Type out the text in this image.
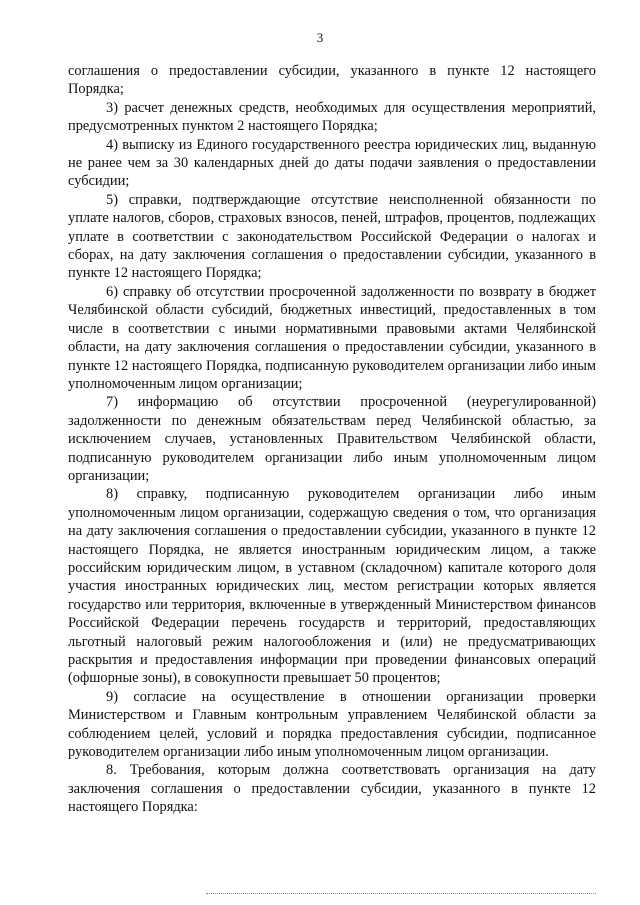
3

соглашения о предоставлении субсидии, указанного в пункте 12 настоящего Порядка;

3) расчет денежных средств, необходимых для осуществления мероприятий, предусмотренных пунктом 2 настоящего Порядка;

4) выписку из Единого государственного реестра юридических лиц, выданную не ранее чем за 30 календарных дней до даты подачи заявления о предоставлении субсидии;

5) справки, подтверждающие отсутствие неисполненной обязанности по уплате налогов, сборов, страховых взносов, пеней, штрафов, процентов, подлежащих уплате в соответствии с законодательством Российской Федерации о налогах и сборах, на дату заключения соглашения о предоставлении субсидии, указанного в пункте 12 настоящего Порядка;

6) справку об отсутствии просроченной задолженности по возврату в бюджет Челябинской области субсидий, бюджетных инвестиций, предоставленных в том числе в соответствии с иными нормативными правовыми актами Челябинской области, на дату заключения соглашения о предоставлении субсидии, указанного в пункте 12 настоящего Порядка, подписанную руководителем организации либо иным уполномоченным лицом организации;

7) информацию об отсутствии просроченной (неурегулированной) задолженности по денежным обязательствам перед Челябинской областью, за исключением случаев, установленных Правительством Челябинской области, подписанную руководителем организации либо иным уполномоченным лицом организации;

8) справку, подписанную руководителем организации либо иным уполномоченным лицом организации, содержащую сведения о том, что организация на дату заключения соглашения о предоставлении субсидии, указанного в пункте 12 настоящего Порядка, не является иностранным юридическим лицом, а также российским юридическим лицом, в уставном (складочном) капитале которого доля участия иностранных юридических лиц, местом регистрации которых является государство или территория, включенные в утвержденный Министерством финансов Российской Федерации перечень государств и территорий, предоставляющих льготный налоговый режим налогообложения и (или) не предусматривающих раскрытия и предоставления информации при проведении финансовых операций (офшорные зоны), в совокупности превышает 50 процентов;

9) согласие на осуществление в отношении организации проверки Министерством и Главным контрольным управлением Челябинской области за соблюдением целей, условий и порядка предоставления субсидии, подписанное руководителем организации либо иным уполномоченным лицом организации.

8. Требования, которым должна соответствовать организация на дату заключения соглашения о предоставлении субсидии, указанного в пункте 12 настоящего Порядка:
